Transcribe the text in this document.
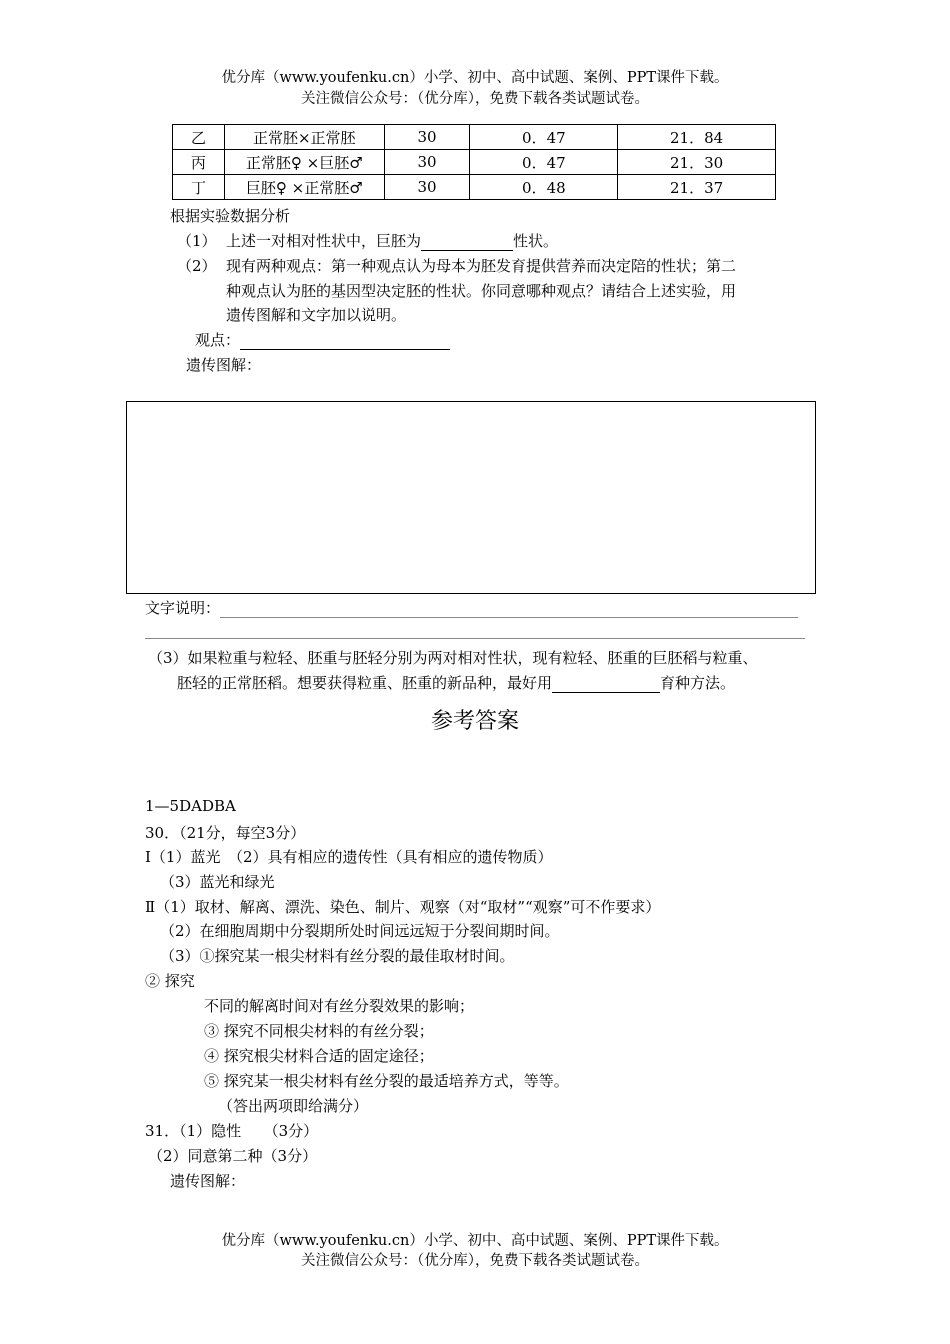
优分库（www.youfenku.cn）小学、初中、高中试题、案例、PPT课件下载。
关注微信公众号：（优分库），免费下载各类试题试卷。
乙	正常胚×正常胚	30	0．47	21．84
丙	正常胚♀ ×巨胚♂	30	0．47	21．30
丁	巨胚♀ ×正常胚♂	30	0．48	21．37
根据实验数据分析
（1） 上述一对相对性状中，巨胚为	性状。
（2） 现有两种观点：第一种观点认为母本为胚发育提供营养而决定陪的性状；第二
种观点认为胚的基因型决定胚的性状。你同意哪种观点？请结合上述实验，用
遗传图解和文字加以说明。
观点：
遗传图解：
文字说明：
（3）如果粒重与粒轻、胚重与胚轻分别为两对相对性状，现有粒轻、胚重的巨胚稻与粒重、
胚轻的正常胚稻。想要获得粒重、胚重的新品种，最好用	育种方法。
参考答案
1—5DADBA
30．（21分，每空3分）
Ⅰ（1）蓝光　（2）具有相应的遗传性（具有相应的遗传物质）
（3）蓝光和绿光
Ⅱ（1）取材、解离、漂洗、染色、制片、观察（对“取材”“观察”可不作要求）
（2）在细胞周期中分裂期所处时间远远短于分裂间期时间。
（3）①探究某一根尖材料有丝分裂的最佳取材时间。
② 探究
不同的解离时间对有丝分裂效果的影响；
③ 探究不同根尖材料的有丝分裂；
④ 探究根尖材料合适的固定途径；
⑤ 探究某一根尖材料有丝分裂的最适培养方式，等等。
（答出两项即给满分）
31．（1）隐性　　（3分）
（2）同意第二种（3分）
遗传图解：
优分库（www.youfenku.cn）小学、初中、高中试题、案例、PPT课件下载。
关注微信公众号：（优分库），免费下载各类试题试卷。
